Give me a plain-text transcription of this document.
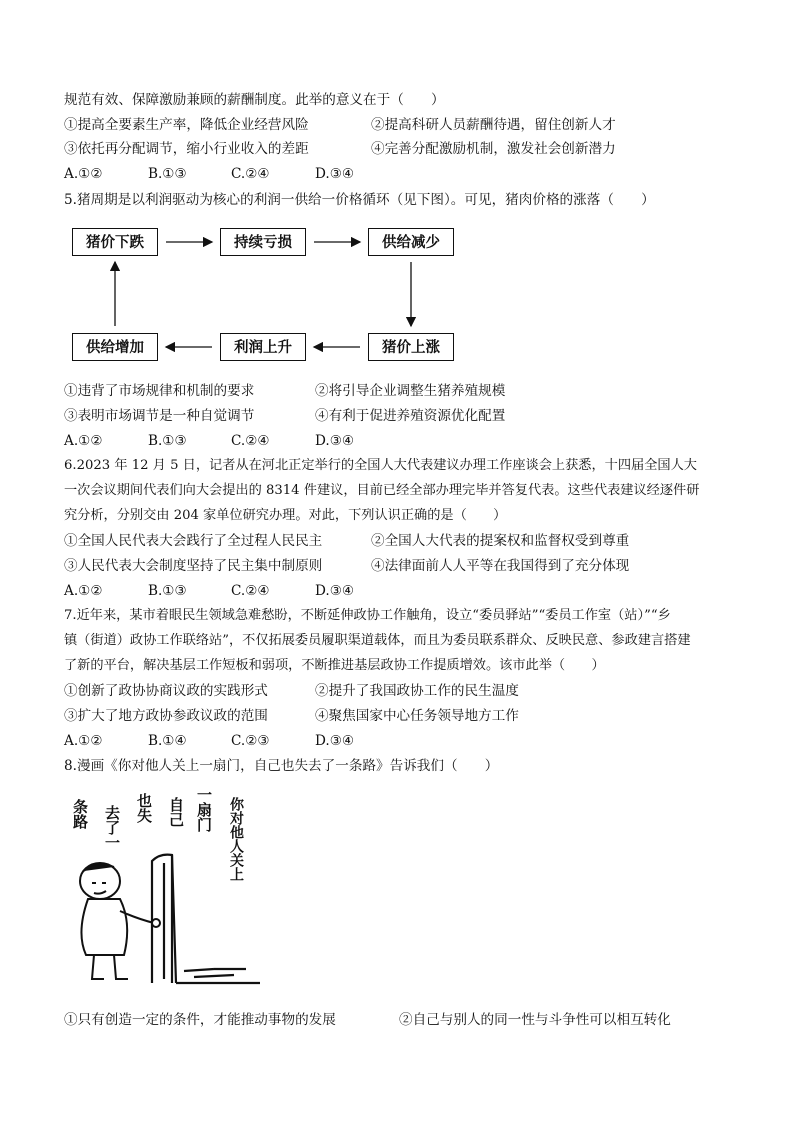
规范有效、保障激励兼顾的薪酬制度。此举的意义在于（　　）
①提高全要素生产率，降低企业经营风险	②提高科研人员薪酬待遇，留住创新人才
③依托再分配调节，缩小行业收入的差距	④完善分配激励机制，激发社会创新潜力
A.①②	B.①③	C.②④	D.③④
5.猪周期是以利润驱动为核心的利润一供给一价格循环（见下图）。可见，猪肉价格的涨落（　　）
猪价下跌	持续亏损	供给减少
供给增加	利润上升	猪价上涨
①违背了市场规律和机制的要求	②将引导企业调整生猪养殖规模
③表明市场调节是一种自觉调节	④有利于促进养殖资源优化配置
A.①②	B.①③	C.②④	D.③④
6.2023 年 12 月 5 日，记者从在河北正定举行的全国人大代表建议办理工作座谈会上获悉，十四届全国人大
一次会议期间代表们向大会提出的 8314 件建议，目前已经全部办理完毕并答复代表。这些代表建议经逐件研
究分析，分别交由 204 家单位研究办理。对此，下列认识正确的是（　　）
①全国人民代表大会践行了全过程人民民主	②全国人大代表的提案权和监督权受到尊重
③人民代表大会制度坚持了民主集中制原则	④法律面前人人平等在我国得到了充分体现
A.①②	B.①③	C.②④	D.③④
7.近年来，某市着眼民生领域急难愁盼，不断延伸政协工作触角，设立“委员驿站”“委员工作室（站）”“乡
镇（街道）政协工作联络站”，不仅拓展委员履职渠道载体，而且为委员联系群众、反映民意、参政建言搭建
了新的平台，解决基层工作短板和弱项，不断推进基层政协工作提质增效。该市此举（　　）
①创新了政协协商议政的实践形式	②提升了我国政协工作的民生温度
③扩大了地方政协参政议政的范围	④聚焦国家中心任务领导地方工作
A.①②	B.①④	C.②③	D.③④
8.漫画《你对他人关上一扇门，自己也失去了一条路》告诉我们（　　）
条路 去了一 也失 自己 一扇门 你对他人关上
①只有创造一定的条件，才能推动事物的发展	②自己与别人的同一性与斗争性可以相互转化
